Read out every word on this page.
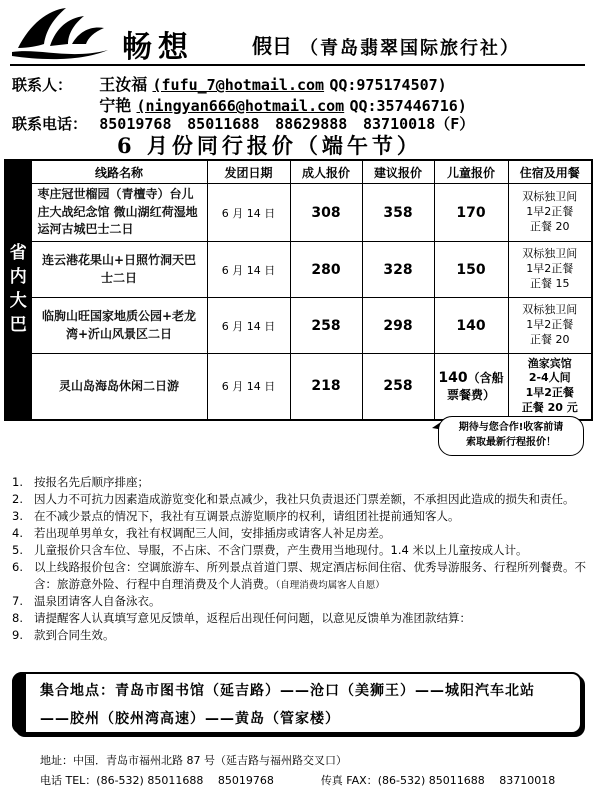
畅想	假日 （青岛翡翠国际旅行社）
联系人： 王汝福 (fufu_7@hotmail.com QQ:975174507)
宁艳 (ningyan666@hotmail.com QQ:357446716)
联系电话： 85019768 85011688 88629888 83710018（F）
6 月份同行报价（端午节）
省
内
大
巴	线路名称	发团日期	成人报价	建议报价	儿童报价	住宿及用餐
	枣庄冠世榴园（青檀寺）台儿庄大战纪念馆 微山湖红荷湿地 运河古城巴士二日	6 月 14 日	308	358	170	双标独卫间
1早2正餐
正餐 20

	连云港花果山+日照竹洞天巴士二日	6 月 14 日	280	328	150	双标独卫间
1早2正餐
正餐 15

	临朐山旺国家地质公园+老龙湾+沂山风景区二日	6 月 14 日	258	298	140	双标独卫间
1早2正餐
正餐 20

	灵山岛海岛休闲二日游	6 月 14 日	218	258	140（含船票餐费）	渔家宾馆
2-4人间
1早2正餐
正餐 20 元
期待与您合作!收客前请
索取最新行程报价！
1. 按报名先后顺序排座；
2. 因人力不可抗力因素造成游览变化和景点减少，我社只负责退还门票差额，不承担因此造成的损失和责任。
3. 在不减少景点的情况下，我社有互调景点游览顺序的权利，请组团社提前通知客人。
4. 若出现单男单女，我社有权调配三人间，安排插房或请客人补足房差。
5. 儿童报价只含车位、导服，不占床、不含门票费，产生费用当地现付。1.4 米以上儿童按成人计。
6. 以上线路报价包含：空调旅游车、所列景点首道门票、规定酒店标间住宿、优秀导游服务、行程所列餐费。不含：旅游意外险、行程中自理消费及个人消费。（自理消费均属客人自愿）
7. 温泉团请客人自备泳衣。
8. 请提醒客人认真填写意见反馈单，返程后出现任何问题，以意见反馈单为准团款结算：
9. 款到合同生效。
集合地点：青岛市图书馆（延吉路）——沧口（美狮王）——城阳汽车北站
——胶州（胶州湾高速）——黄岛（管家楼）
地址：中国．青岛市福州北路 87 号（延吉路与福州路交叉口）
电话 TEL：(86-532) 85011688　 85019768	传真 FAX：(86-532) 85011688　 83710018
